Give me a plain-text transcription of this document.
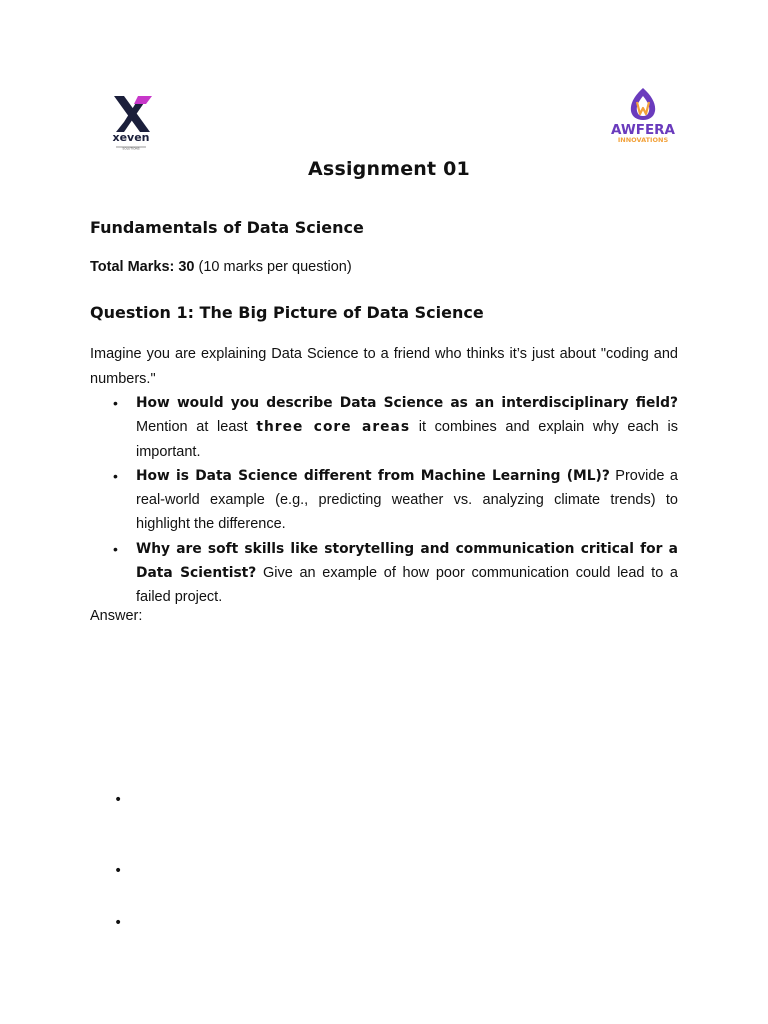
xeven
SOLUTIONS
AWFERA
INNOVATIONS
Assignment 01
Fundamentals of Data Science
Total Marks: 30 (10 marks per question)
Question 1: The Big Picture of Data Science
Imagine you are explaining Data Science to a friend who thinks it’s just about "coding and numbers."
• How would you describe Data Science as an interdisciplinary field? Mention at least three core areas it combines and explain why each is important.
• How is Data Science different from Machine Learning (ML)? Provide a real-world example (e.g., predicting weather vs. analyzing climate trends) to highlight the difference.
• Why are soft skills like storytelling and communication critical for a Data Scientist? Give an example of how poor communication could lead to a failed project.
Answer:
•
•
•
